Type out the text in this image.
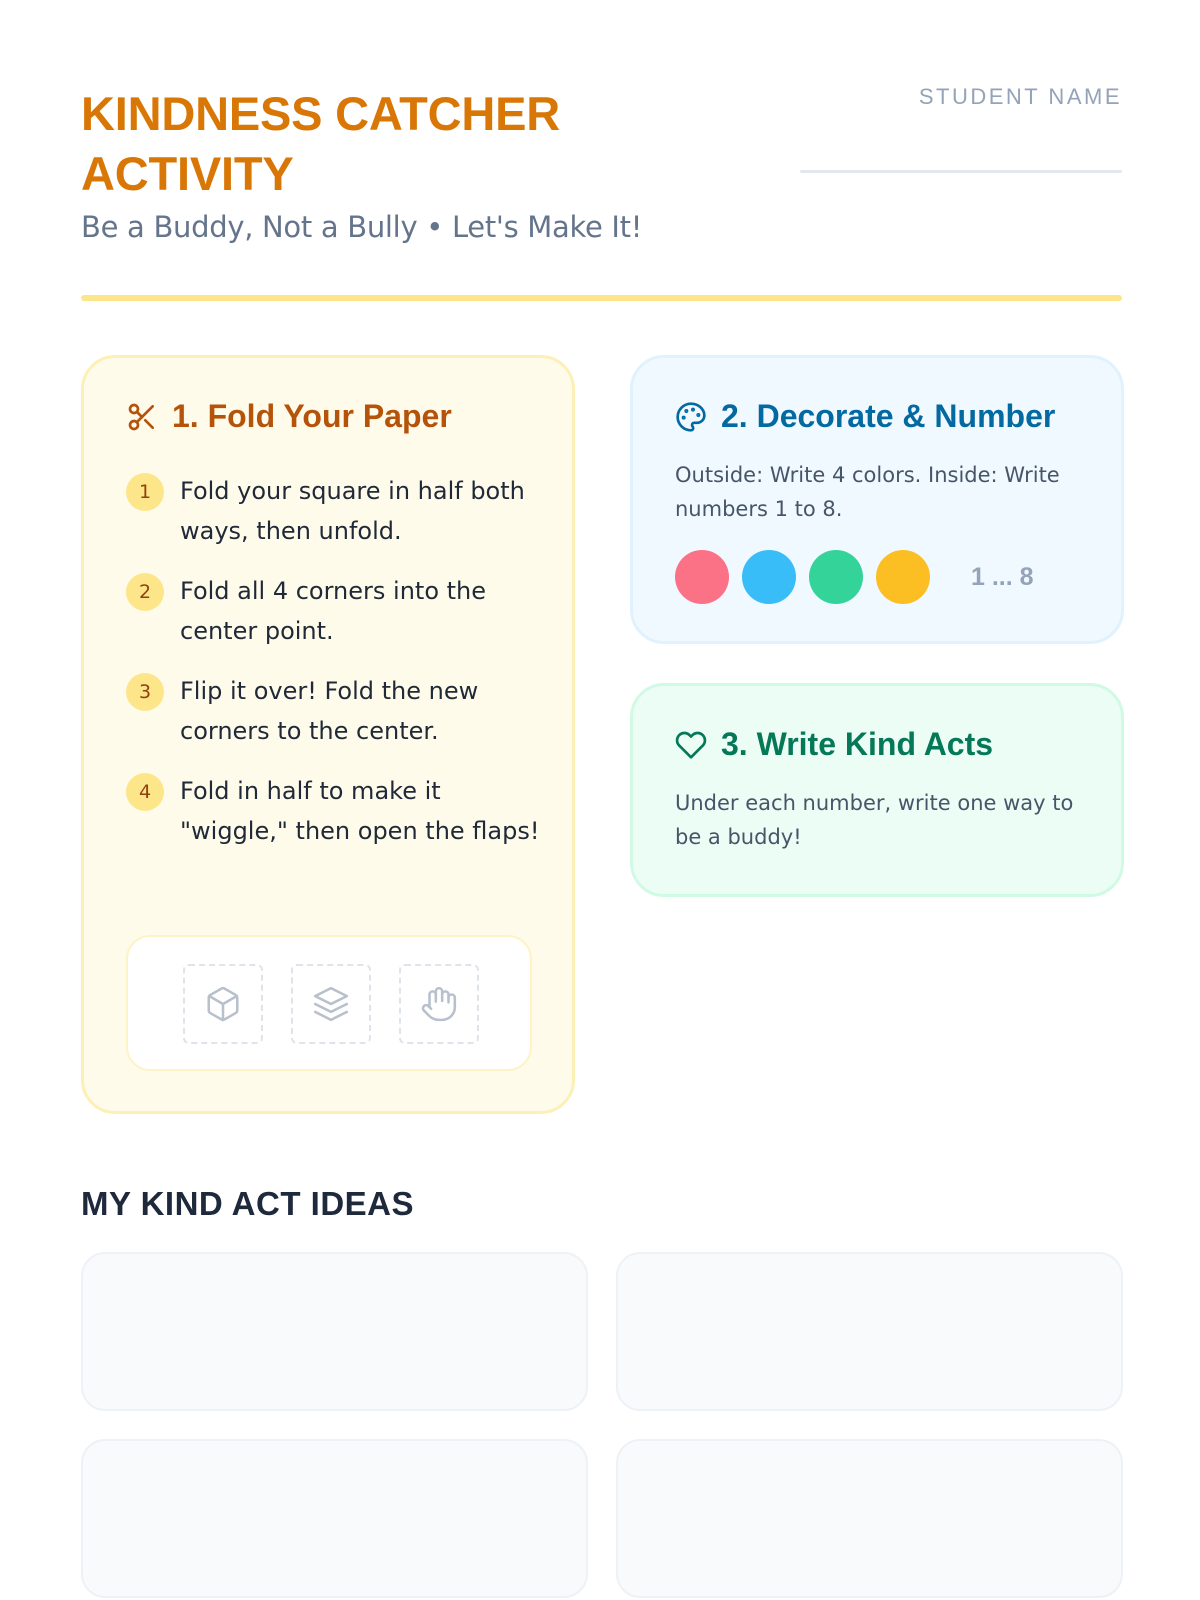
KINDNESS CATCHER ACTIVITY
Be a Buddy, Not a Bully • Let's Make It!
STUDENT NAME
1. Fold Your Paper
1	Fold your square in half both ways, then unfold.
2	Fold all 4 corners into the center point.
3	Flip it over! Fold the new corners to the center.
4	Fold in half to make it "wiggle," then open the flaps!
2. Decorate & Number

Outside: Write 4 colors. Inside: Write numbers 1 to 8.

1 ... 8
3. Write Kind Acts

Under each number, write one way to be a buddy!

MY KIND ACT IDEAS
